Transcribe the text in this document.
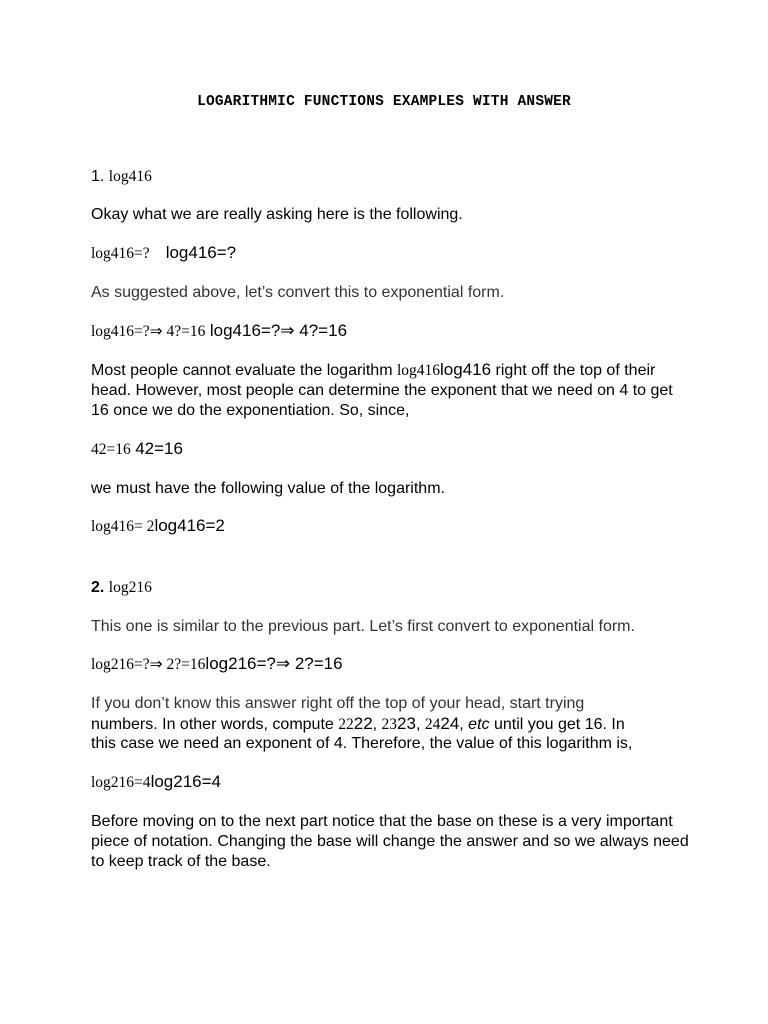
LOGARITHMIC FUNCTIONS EXAMPLES WITH ANSWER
1. log416
Okay what we are really asking here is the following.
log416=? log416=?
As suggested above, let’s convert this to exponential form.
log416=?⇒ 4?=16 log416=?⇒ 4?=16
Most people cannot evaluate the logarithm log416log416 right off the top of their head. However, most people can determine the exponent that we need on 4 to get 16 once we do the exponentiation. So, since,
42=16 42=16
we must have the following value of the logarithm.
log416= 2log416=2
2. log216
This one is similar to the previous part. Let’s first convert to exponential form.
log216=?⇒ 2?=16log216=?⇒ 2?=16
If you don’t know this answer right off the top of your head, start trying
numbers. In other words, compute 2222, 2323, 2424, etc until you get 16. In
this case we need an exponent of 4. Therefore, the value of this logarithm is,
log216=4log216=4
Before moving on to the next part notice that the base on these is a very important piece of notation. Changing the base will change the answer and so we always need to keep track of the base.
